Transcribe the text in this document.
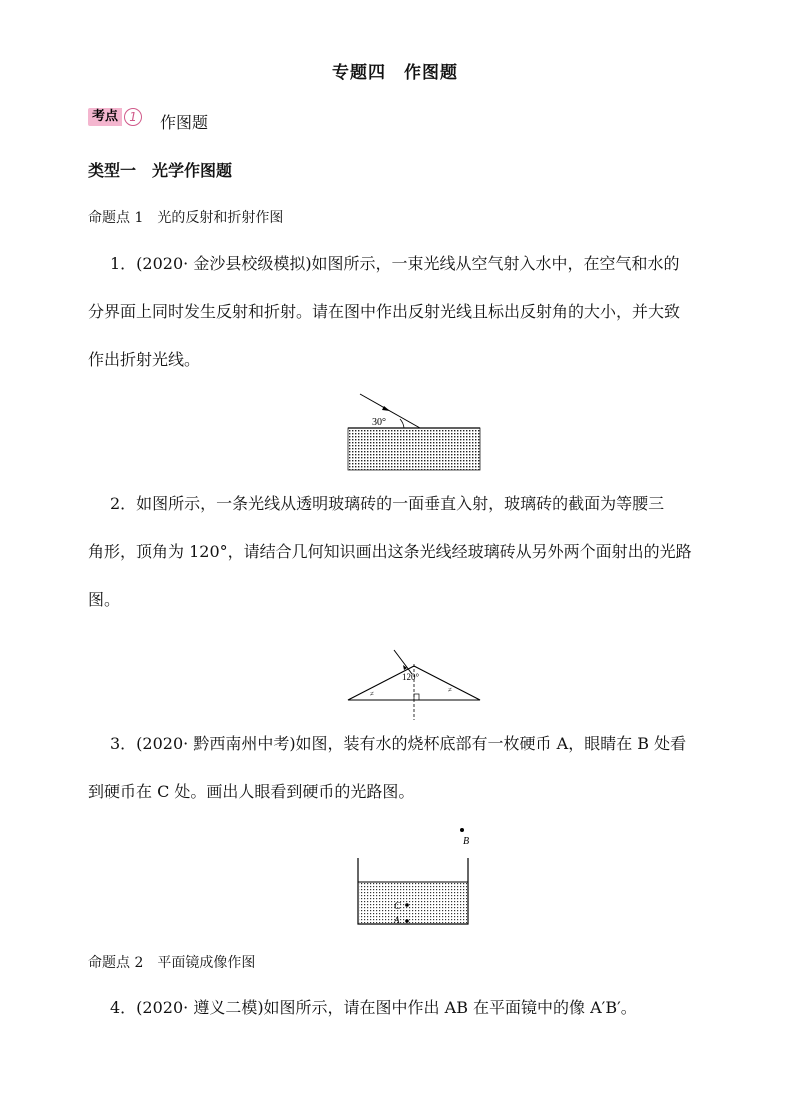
专题四　作图题
考点 1	作图题
类型一　光学作图题
命题点 1　光的反射和折射作图
1．(2020· 金沙县校级模拟)如图所示，一束光线从空气射入水中，在空气和水的
分界面上同时发生反射和折射。请在图中作出反射光线且标出反射角的大小，并大致
作出折射光线。
30°
2．如图所示，一条光线从透明玻璃砖的一面垂直入射，玻璃砖的截面为等腰三
角形，顶角为 120°，请结合几何知识画出这条光线经玻璃砖从另外两个面射出的光路
图。
120°
≠	≠
3．(2020· 黔西南州中考)如图，装有水的烧杯底部有一枚硬币 A，眼睛在 B 处看
到硬币在 C 处。画出人眼看到硬币的光路图。
B
C
A
命题点 2　平面镜成像作图
4．(2020· 遵义二模)如图所示，请在图中作出 AB 在平面镜中的像 A′B′。
